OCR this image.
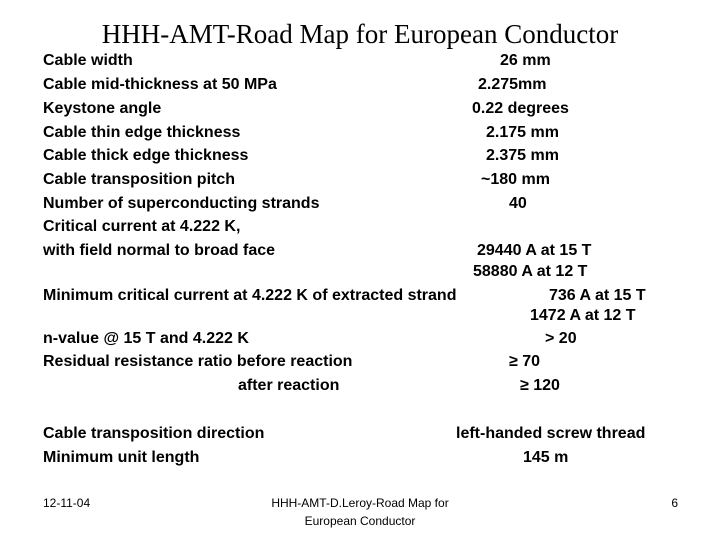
HHH-AMT-Road Map for European Conductor
Cable width	26 mm
Cable mid-thickness at 50 MPa	2.275mm
Keystone angle	0.22 degrees
Cable thin edge thickness	2.175 mm
Cable thick edge thickness	2.375 mm
Cable transposition pitch	~180 mm
Number of superconducting strands	40
Critical current at 4.222 K,
with field normal to broad face	29440 A at 15 T
58880 A at 12 T
Minimum critical current at 4.222 K of extracted strand	736 A at 15 T
1472 A at 12 T
n-value @ 15 T and 4.222 K	> 20
Residual resistance ratio before reaction	≥ 70
after reaction	≥ 120
Cable transposition direction	left-handed screw thread
Minimum unit length	145 m
12-11-04	HHH-AMT-D.Leroy-Road Map for
European Conductor
6
